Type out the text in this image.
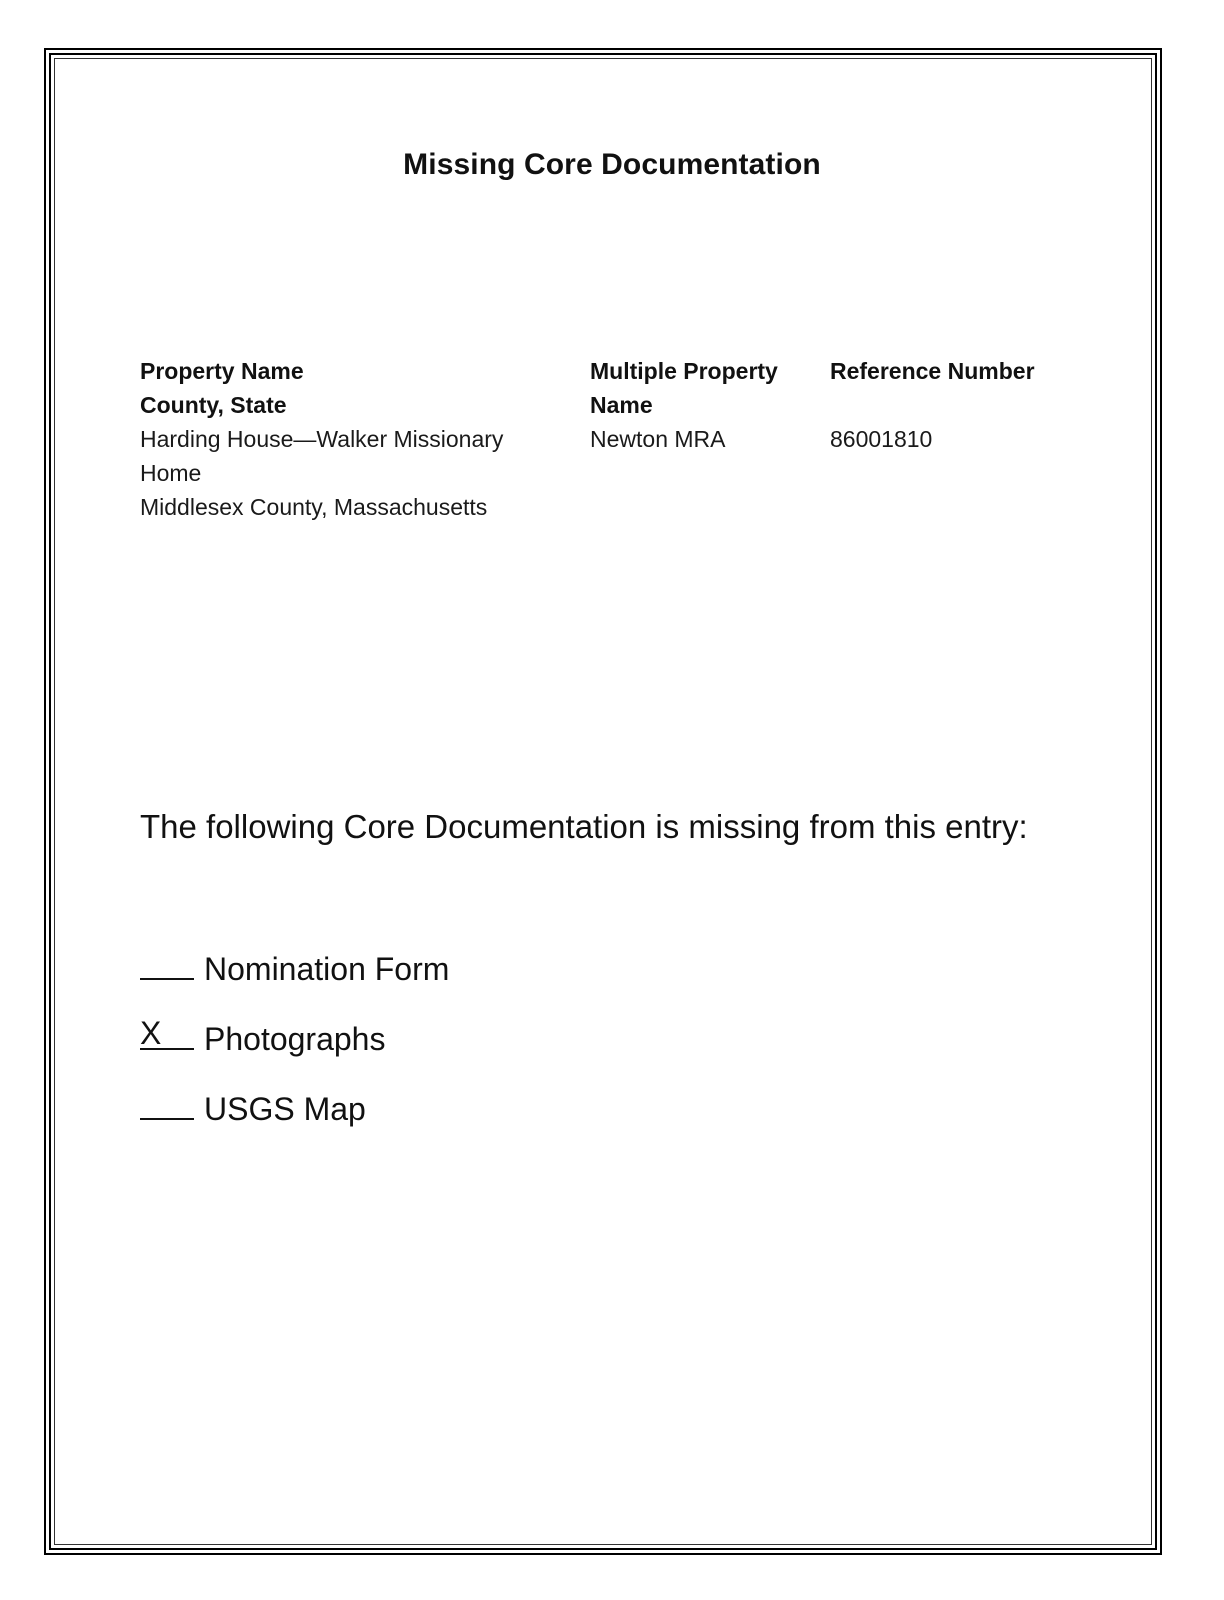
Missing Core Documentation
Property Name
County, State
Harding House—Walker Missionary
Home
Middlesex County, Massachusetts
Multiple Property
Name
Newton MRA
Reference Number
86001810
The following Core Documentation is missing from this entry:
Nomination Form
X Photographs
USGS Map
